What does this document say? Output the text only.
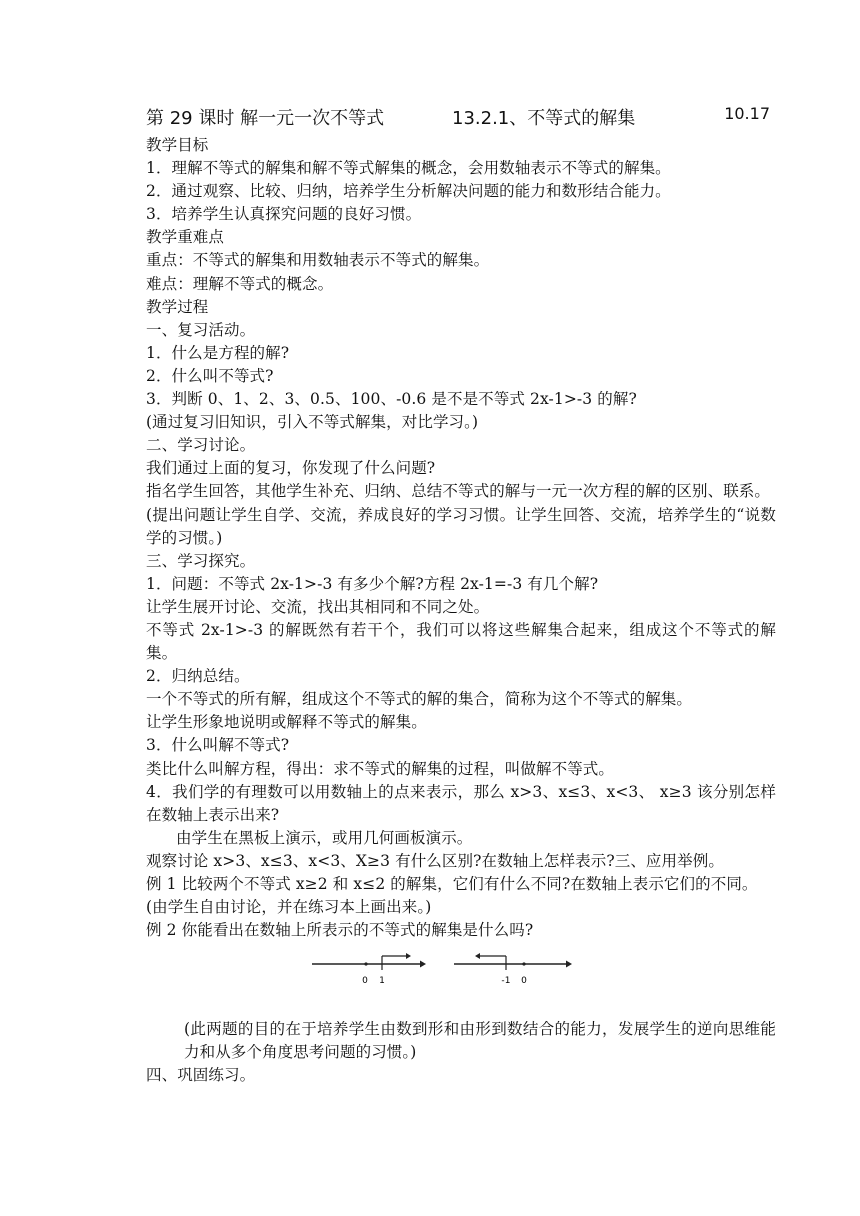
第 29 课时 解一元一次不等式	13.2.1、不等式的解集	10.17

教学目标

1．理解不等式的解集和解不等式解集的概念，会用数轴表示不等式的解集。

2．通过观察、比较、归纳，培养学生分析解决问题的能力和数形结合能力。

3．培养学生认真探究问题的良好习惯。

教学重难点

重点：不等式的解集和用数轴表示不等式的解集。

难点：理解不等式的概念。

教学过程

一、复习活动。

1．什么是方程的解?

2．什么叫不等式?

3．判断 0、1、2、3、0.5、100、-0.6 是不是不等式 2x-1>-3 的解?

(通过复习旧知识，引入不等式解集，对比学习。)

二、学习讨论。

我们通过上面的复习，你发现了什么问题?

指名学生回答，其他学生补充、归纳、总结不等式的解与一元一次方程的解的区别、联系。

(提出问题让学生自学、交流，养成良好的学习习惯。让学生回答、交流，培养学生的“说数学的习惯。)

三、学习探究。

1．问题：不等式 2x-1>-3 有多少个解?方程 2x-1=-3 有几个解?

让学生展开讨论、交流，找出其相同和不同之处。

不等式 2x-1>-3 的解既然有若干个，我们可以将这些解集合起来，组成这个不等式的解集。

2．归纳总结。

一个不等式的所有解，组成这个不等式的解的集合，简称为这个不等式的解集。

让学生形象地说明或解释不等式的解集。

3．什么叫解不等式?

类比什么叫解方程，得出：求不等式的解集的过程，叫做解不等式。

4．我们学的有理数可以用数轴上的点来表示，那么 x>3、x≤3、x<3、 x≥3 该分别怎样在数轴上表示出来?

由学生在黑板上演示，或用几何画板演示。

观察讨论 x>3、x≤3、x<3、X≥3 有什么区别?在数轴上怎样表示?三、应用举例。

例 1 比较两个不等式 x≥2 和 x≤2 的解集，它们有什么不同?在数轴上表示它们的不同。

(由学生自由讨论，并在练习本上画出来。)

例 2 你能看出在数轴上所表示的不等式的解集是什么吗?

0 1	-1 0

(此两题的目的在于培养学生由数到形和由形到数结合的能力，发展学生的逆向思维能力和从多个角度思考问题的习惯。)

四、巩固练习。
